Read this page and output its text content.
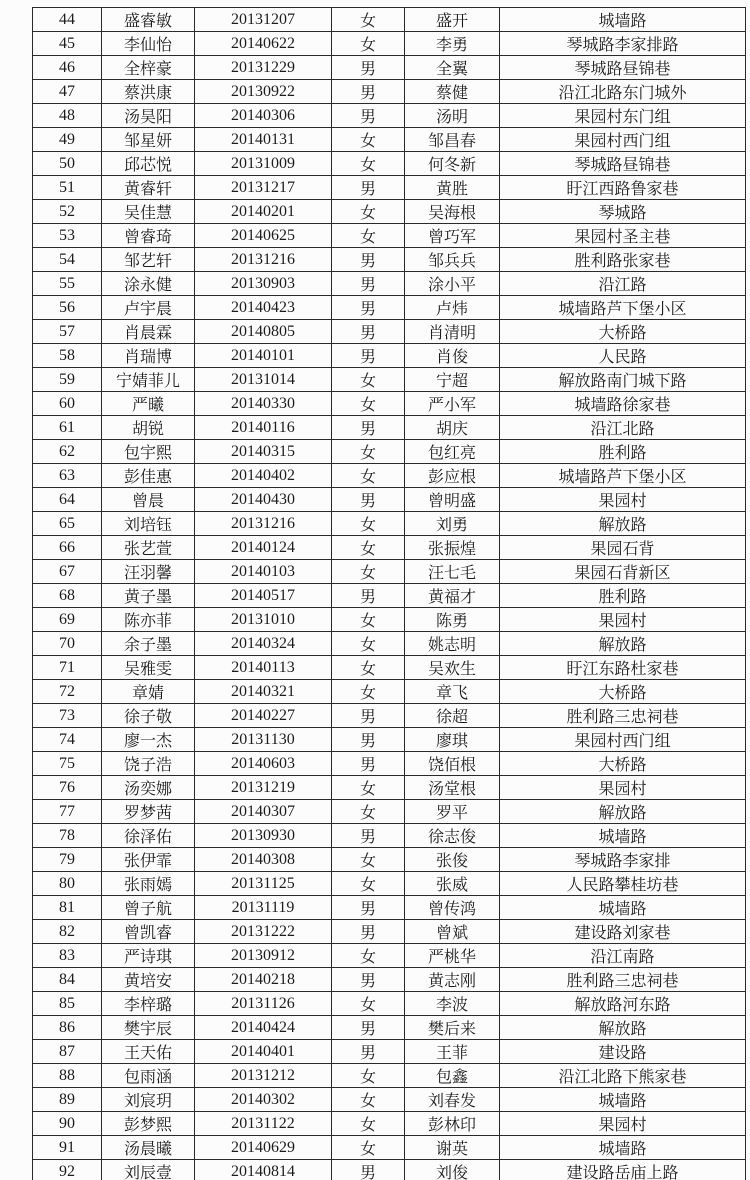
44	盛睿敏	20131207	女	盛开	城墙路
45	李仙怡	20140622	女	李勇	琴城路李家排路
46	全梓豪	20131229	男	全翼	琴城路昼锦巷
47	蔡洪康	20130922	男	蔡健	沿江北路东门城外
48	汤昊阳	20140306	男	汤明	果园村东门组
49	邹星妍	20140131	女	邹昌春	果园村西门组
50	邱芯悦	20131009	女	何冬新	琴城路昼锦巷
51	黄睿轩	20131217	男	黄胜	盱江西路鲁家巷
52	吴佳慧	20140201	女	吴海根	琴城路
53	曾睿琦	20140625	女	曾巧军	果园村圣主巷
54	邹艺轩	20131216	男	邹兵兵	胜利路张家巷
55	涂永健	20130903	男	涂小平	沿江路
56	卢宇晨	20140423	男	卢炜	城墙路芦下堡小区
57	肖晨霖	20140805	男	肖清明	大桥路
58	肖瑞博	20140101	男	肖俊	人民路
59	宁婧菲儿	20131014	女	宁超	解放路南门城下路
60	严曦	20140330	女	严小军	城墙路徐家巷
61	胡锐	20140116	男	胡庆	沿江北路
62	包宇熙	20140315	女	包红亮	胜利路
63	彭佳惠	20140402	女	彭应根	城墙路芦下堡小区
64	曾晨	20140430	男	曾明盛	果园村
65	刘培钰	20131216	女	刘勇	解放路
66	张艺萱	20140124	女	张振煌	果园石背
67	汪羽馨	20140103	女	汪七毛	果园石背新区
68	黄子墨	20140517	男	黄福才	胜利路
69	陈亦菲	20131010	女	陈勇	果园村
70	余子墨	20140324	女	姚志明	解放路
71	吴雅雯	20140113	女	吴欢生	盱江东路杜家巷
72	章婧	20140321	女	章飞	大桥路
73	徐子敬	20140227	男	徐超	胜利路三忠祠巷
74	廖一杰	20131130	男	廖琪	果园村西门组
75	饶子浩	20140603	男	饶佰根	大桥路
76	汤奕娜	20131219	女	汤堂根	果园村
77	罗梦茜	20140307	女	罗平	解放路
78	徐泽佑	20130930	男	徐志俊	城墙路
79	张伊霏	20140308	女	张俊	琴城路李家排
80	张雨嫣	20131125	女	张威	人民路攀桂坊巷
81	曾子航	20131119	男	曾传鸿	城墙路
82	曾凯睿	20131222	男	曾斌	建设路刘家巷
83	严诗琪	20130912	女	严桃华	沿江南路
84	黄培安	20140218	男	黄志刚	胜利路三忠祠巷
85	李梓璐	20131126	女	李波	解放路河东路
86	樊宇辰	20140424	男	樊后来	解放路
87	王天佑	20140401	男	王菲	建设路
88	包雨涵	20131212	女	包鑫	沿江北路下熊家巷
89	刘宸玥	20140302	女	刘春发	城墙路
90	彭梦熙	20131122	女	彭林印	果园村
91	汤晨曦	20140629	女	谢英	城墙路
92	刘辰壹	20140814	男	刘俊	建设路岳庙上路
